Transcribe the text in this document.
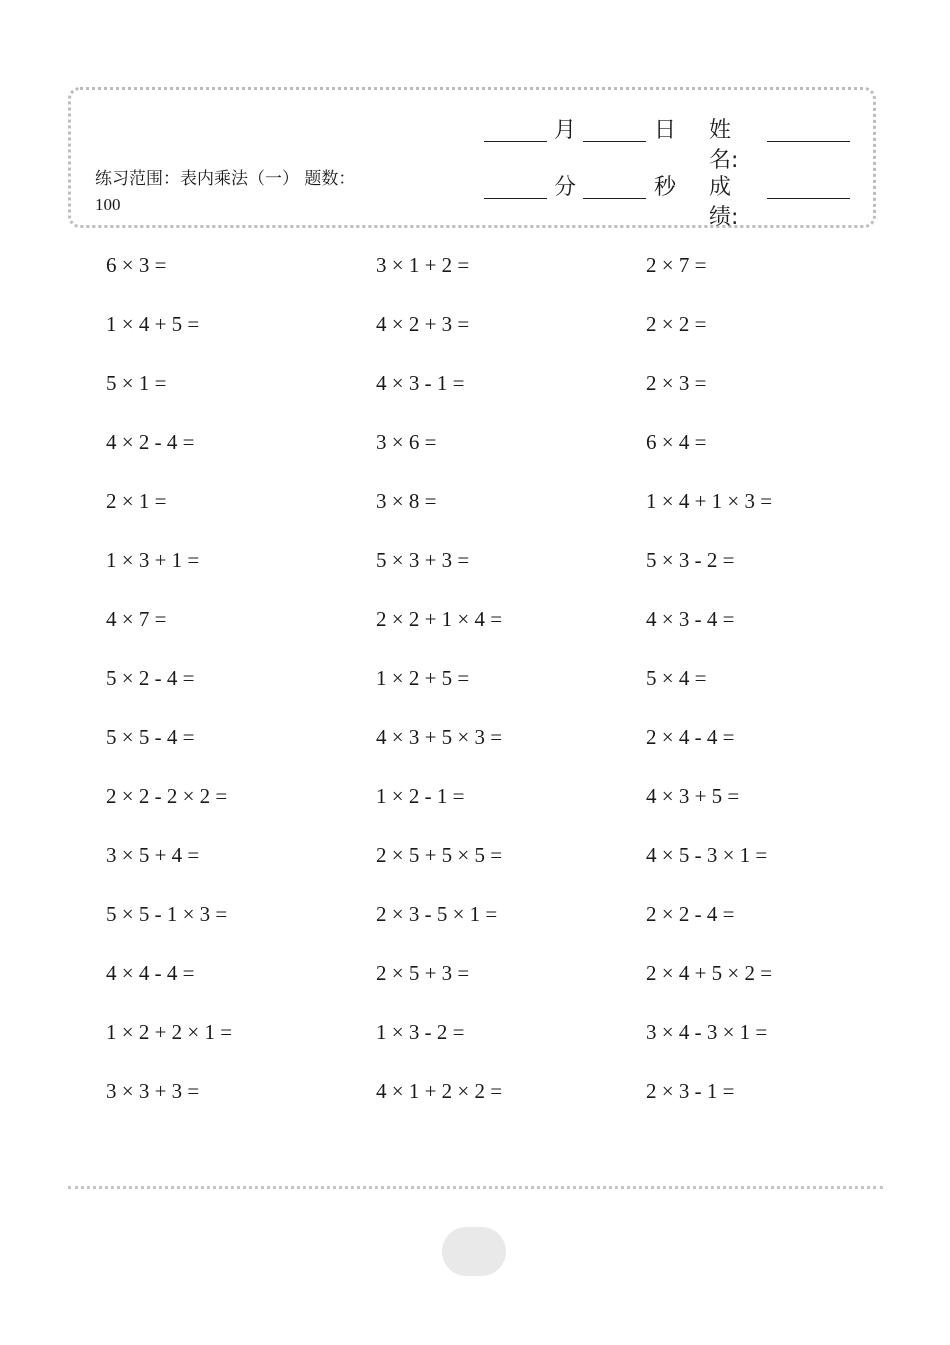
练习范围：表内乘法（一） 题数：100
月	日 姓名:
分	秒 成绩:
6 × 3 =	3 × 1 + 2 =	2 × 7 =
1 × 4 + 5 =	4 × 2 + 3 =	2 × 2 =
5 × 1 =	4 × 3 - 1 =	2 × 3 =
4 × 2 - 4 =	3 × 6 =	6 × 4 =
2 × 1 =	3 × 8 =	1 × 4 + 1 × 3 =
1 × 3 + 1 =	5 × 3 + 3 =	5 × 3 - 2 =
4 × 7 =	2 × 2 + 1 × 4 =	4 × 3 - 4 =
5 × 2 - 4 =	1 × 2 + 5 =	5 × 4 =
5 × 5 - 4 =	4 × 3 + 5 × 3 =	2 × 4 - 4 =
2 × 2 - 2 × 2 =	1 × 2 - 1 =	4 × 3 + 5 =
3 × 5 + 4 =	2 × 5 + 5 × 5 =	4 × 5 - 3 × 1 =
5 × 5 - 1 × 3 =	2 × 3 - 5 × 1 =	2 × 2 - 4 =
4 × 4 - 4 =	2 × 5 + 3 =	2 × 4 + 5 × 2 =
1 × 2 + 2 × 1 =	1 × 3 - 2 =	3 × 4 - 3 × 1 =
3 × 3 + 3 =	4 × 1 + 2 × 2 =	2 × 3 - 1 =
